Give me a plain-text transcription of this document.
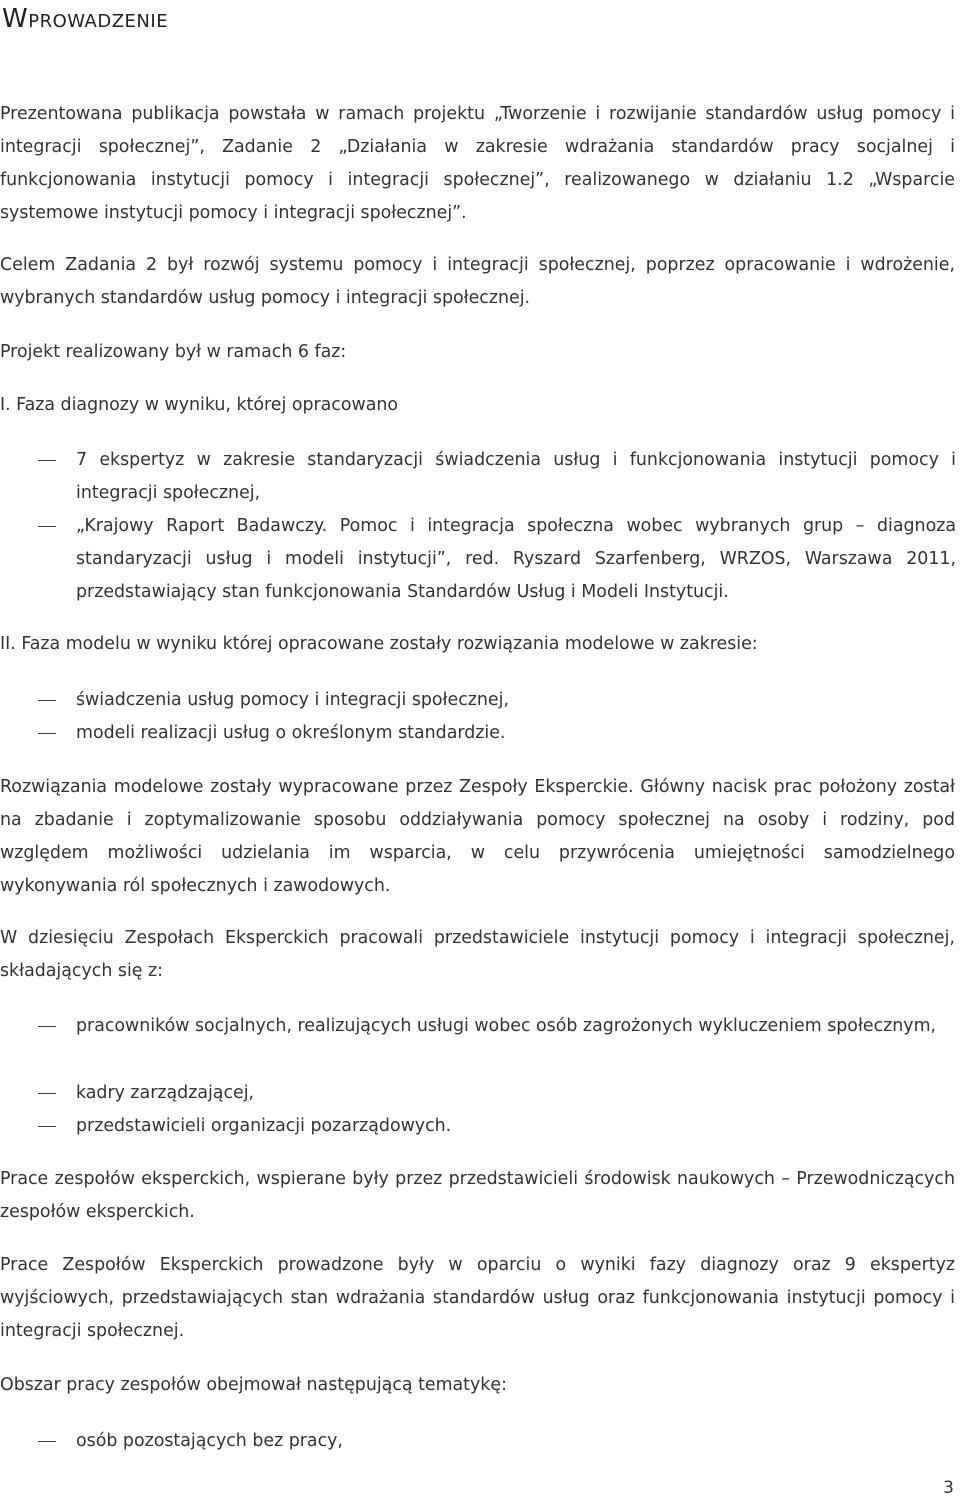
Wprowadzenie

Prezentowana publikacja powstała w ramach projektu „Tworzenie i rozwijanie standardów usług pomocy i integracji społecznej”, Zadanie 2 „Działania w zakresie wdrażania standardów pracy socjalnej i funkcjonowania instytucji pomocy i integracji społecznej”, realizowanego w działaniu 1.2 „Wsparcie systemowe instytucji pomocy i integracji społecznej”.

Celem Zadania 2 był rozwój systemu pomocy i integracji społecznej, poprzez opracowanie i wdrożenie, wybranych standardów usług pomocy i integracji społecznej.

Projekt realizowany był w ramach 6 faz:

I. Faza diagnozy w wyniku, której opracowano

7 ekspertyz w zakresie standaryzacji świadczenia usług i funkcjonowania instytucji pomocy i integracji społecznej,

„Krajowy Raport Badawczy. Pomoc i integracja społeczna wobec wybranych grup – diagnoza standaryzacji usług i modeli instytucji”, red. Ryszard Szarfenberg, WRZOS, Warszawa 2011, przedstawiający stan funkcjonowania Standardów Usług i Modeli Instytucji.

II. Faza modelu w wyniku której opracowane zostały rozwiązania modelowe w zakresie:

świadczenia usług pomocy i integracji społecznej,

modeli realizacji usług o określonym standardzie.

Rozwiązania modelowe zostały wypracowane przez Zespoły Eksperckie. Główny nacisk prac położony został na zbadanie i zoptymalizowanie sposobu oddziaływania pomocy społecznej na osoby i rodziny, pod względem możliwości udzielania im wsparcia, w celu przywrócenia umiejętności samodzielnego wykonywania ról społecznych i zawodowych.

W dziesięciu Zespołach Eksperckich pracowali przedstawiciele instytucji pomocy i integracji społecznej, składających się z:

pracowników socjalnych, realizujących usługi wobec osób zagrożonych wykluczeniem społecznym,

kadry zarządzającej,

przedstawicieli organizacji pozarządowych.

Prace zespołów eksperckich, wspierane były przez przedstawicieli środowisk naukowych – Przewodniczących zespołów eksperckich.

Prace Zespołów Eksperckich prowadzone były w oparciu o wyniki fazy diagnozy oraz 9 ekspertyz wyjściowych, przedstawiających stan wdrażania standardów usług oraz funkcjonowania instytucji pomocy i integracji społecznej.

Obszar pracy zespołów obejmował następującą tematykę:

osób pozostających bez pracy,

3
